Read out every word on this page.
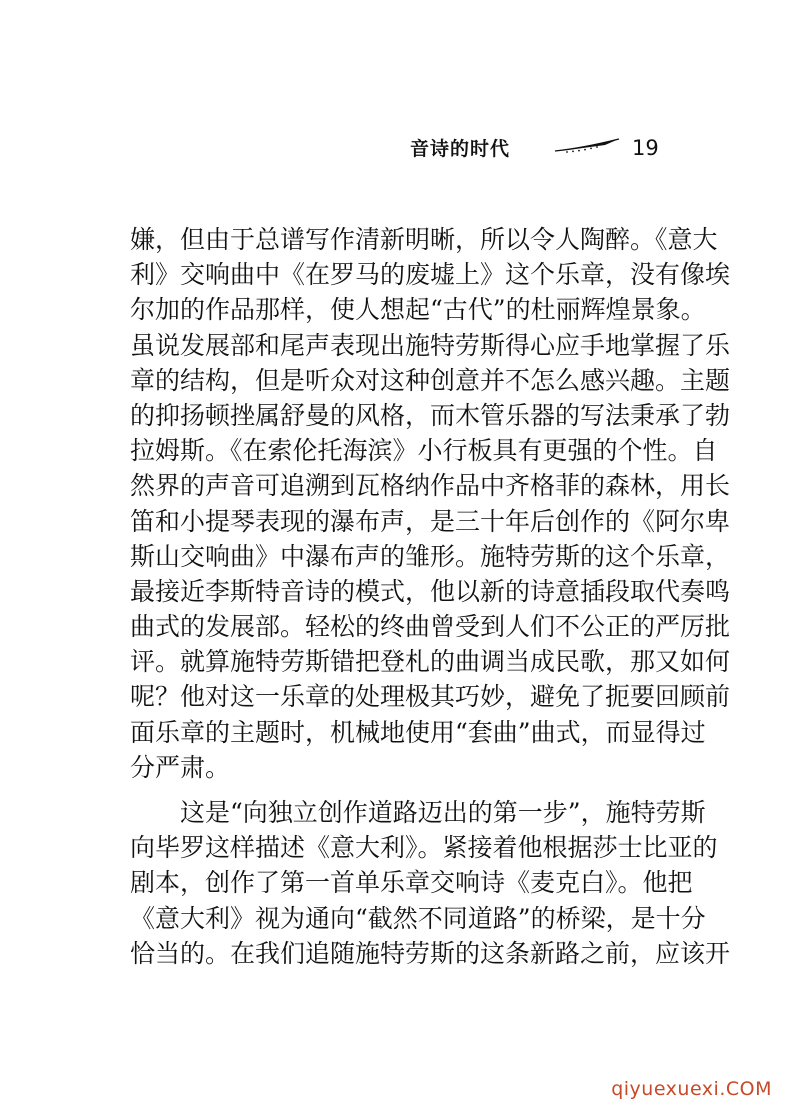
音诗的时代	19
嫌，但由于总谱写作清新明晰，所以令人陶醉。《意大
利》交响曲中《在罗马的废墟上》这个乐章，没有像埃
尔加的作品那样，使人想起“古代”的杜丽辉煌景象。
虽说发展部和尾声表现出施特劳斯得心应手地掌握了乐
章的结构，但是听众对这种创意并不怎么感兴趣。主题
的抑扬顿挫属舒曼的风格，而木管乐器的写法秉承了勃
拉姆斯。《在索伦托海滨》小行板具有更强的个性。自
然界的声音可追溯到瓦格纳作品中齐格菲的森林，用长
笛和小提琴表现的瀑布声，是三十年后创作的《阿尔卑
斯山交响曲》中瀑布声的雏形。施特劳斯的这个乐章，
最接近李斯特音诗的模式，他以新的诗意插段取代奏鸣
曲式的发展部。轻松的终曲曾受到人们不公正的严厉批
评。就算施特劳斯错把登札的曲调当成民歌，那又如何
呢？他对这一乐章的处理极其巧妙，避免了扼要回顾前
面乐章的主题时，机械地使用“套曲”曲式，而显得过
分严肃。
　　这是“向独立创作道路迈出的第一步”，施特劳斯
向毕罗这样描述《意大利》。紧接着他根据莎士比亚的
剧本，创作了第一首单乐章交响诗《麦克白》。他把
《意大利》视为通向“截然不同道路”的桥梁，是十分
恰当的。在我们追随施特劳斯的这条新路之前，应该开
qiyuexuexi.COM
